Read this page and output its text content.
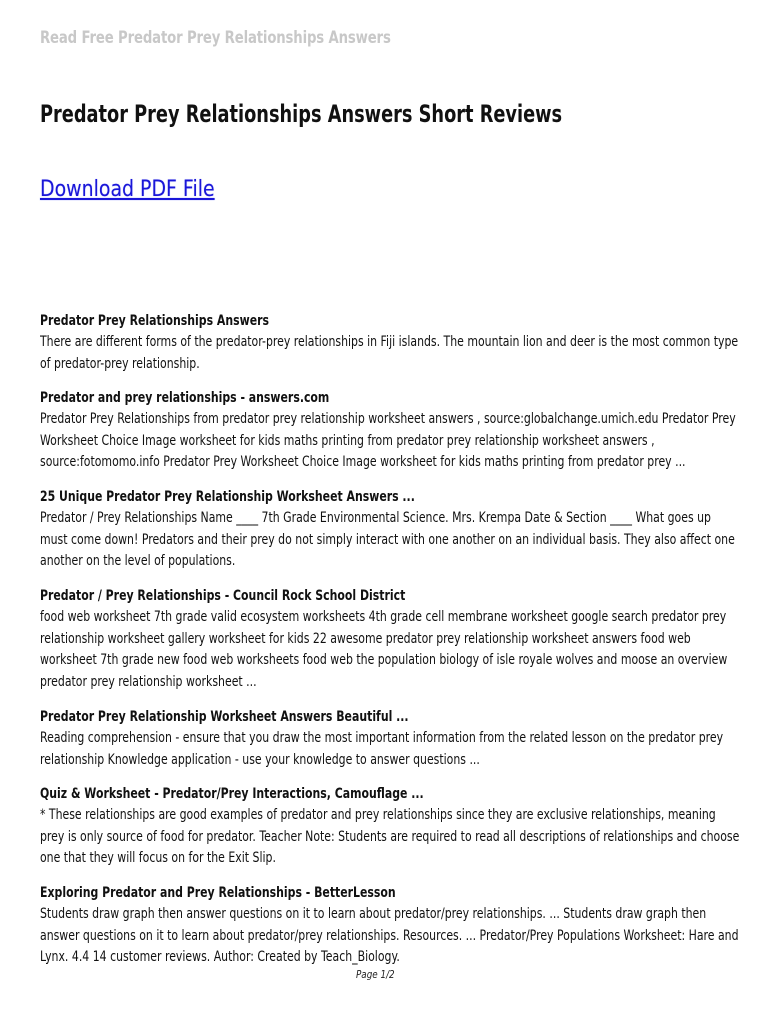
Read Free Predator Prey Relationships Answers
Predator Prey Relationships Answers Short Reviews
Download PDF File
Predator Prey Relationships Answers
There are different forms of the predator-prey relationships in Fiji islands. The mountain lion and deer is the most common type of predator-prey relationship.
Predator and prey relationships - answers.com
Predator Prey Relationships from predator prey relationship worksheet answers , source:globalchange.umich.edu Predator Prey Worksheet Choice Image worksheet for kids maths printing from predator prey relationship worksheet answers , source:fotomomo.info Predator Prey Worksheet Choice Image worksheet for kids maths printing from predator prey ...
25 Unique Predator Prey Relationship Worksheet Answers ...
Predator / Prey Relationships Name ____ 7th Grade Environmental Science. Mrs. Krempa Date & Section ____ What goes up must come down! Predators and their prey do not simply interact with one another on an individual basis. They also affect one another on the level of populations.
Predator / Prey Relationships - Council Rock School District
food web worksheet 7th grade valid ecosystem worksheets 4th grade cell membrane worksheet google search predator prey relationship worksheet gallery worksheet for kids 22 awesome predator prey relationship worksheet answers food web worksheet 7th grade new food web worksheets food web the population biology of isle royale wolves and moose an overview predator prey relationship worksheet ...
Predator Prey Relationship Worksheet Answers Beautiful ...
Reading comprehension - ensure that you draw the most important information from the related lesson on the predator prey relationship Knowledge application - use your knowledge to answer questions ...
Quiz & Worksheet - Predator/Prey Interactions, Camouflage ...
* These relationships are good examples of predator and prey relationships since they are exclusive relationships, meaning prey is only source of food for predator. Teacher Note: Students are required to read all descriptions of relationships and choose one that they will focus on for the Exit Slip.
Exploring Predator and Prey Relationships - BetterLesson
Students draw graph then answer questions on it to learn about predator/prey relationships. ... Students draw graph then answer questions on it to learn about predator/prey relationships. Resources. ... Predator/Prey Populations Worksheet: Hare and Lynx. 4.4 14 customer reviews. Author: Created by Teach_Biology.
Page 1/2
